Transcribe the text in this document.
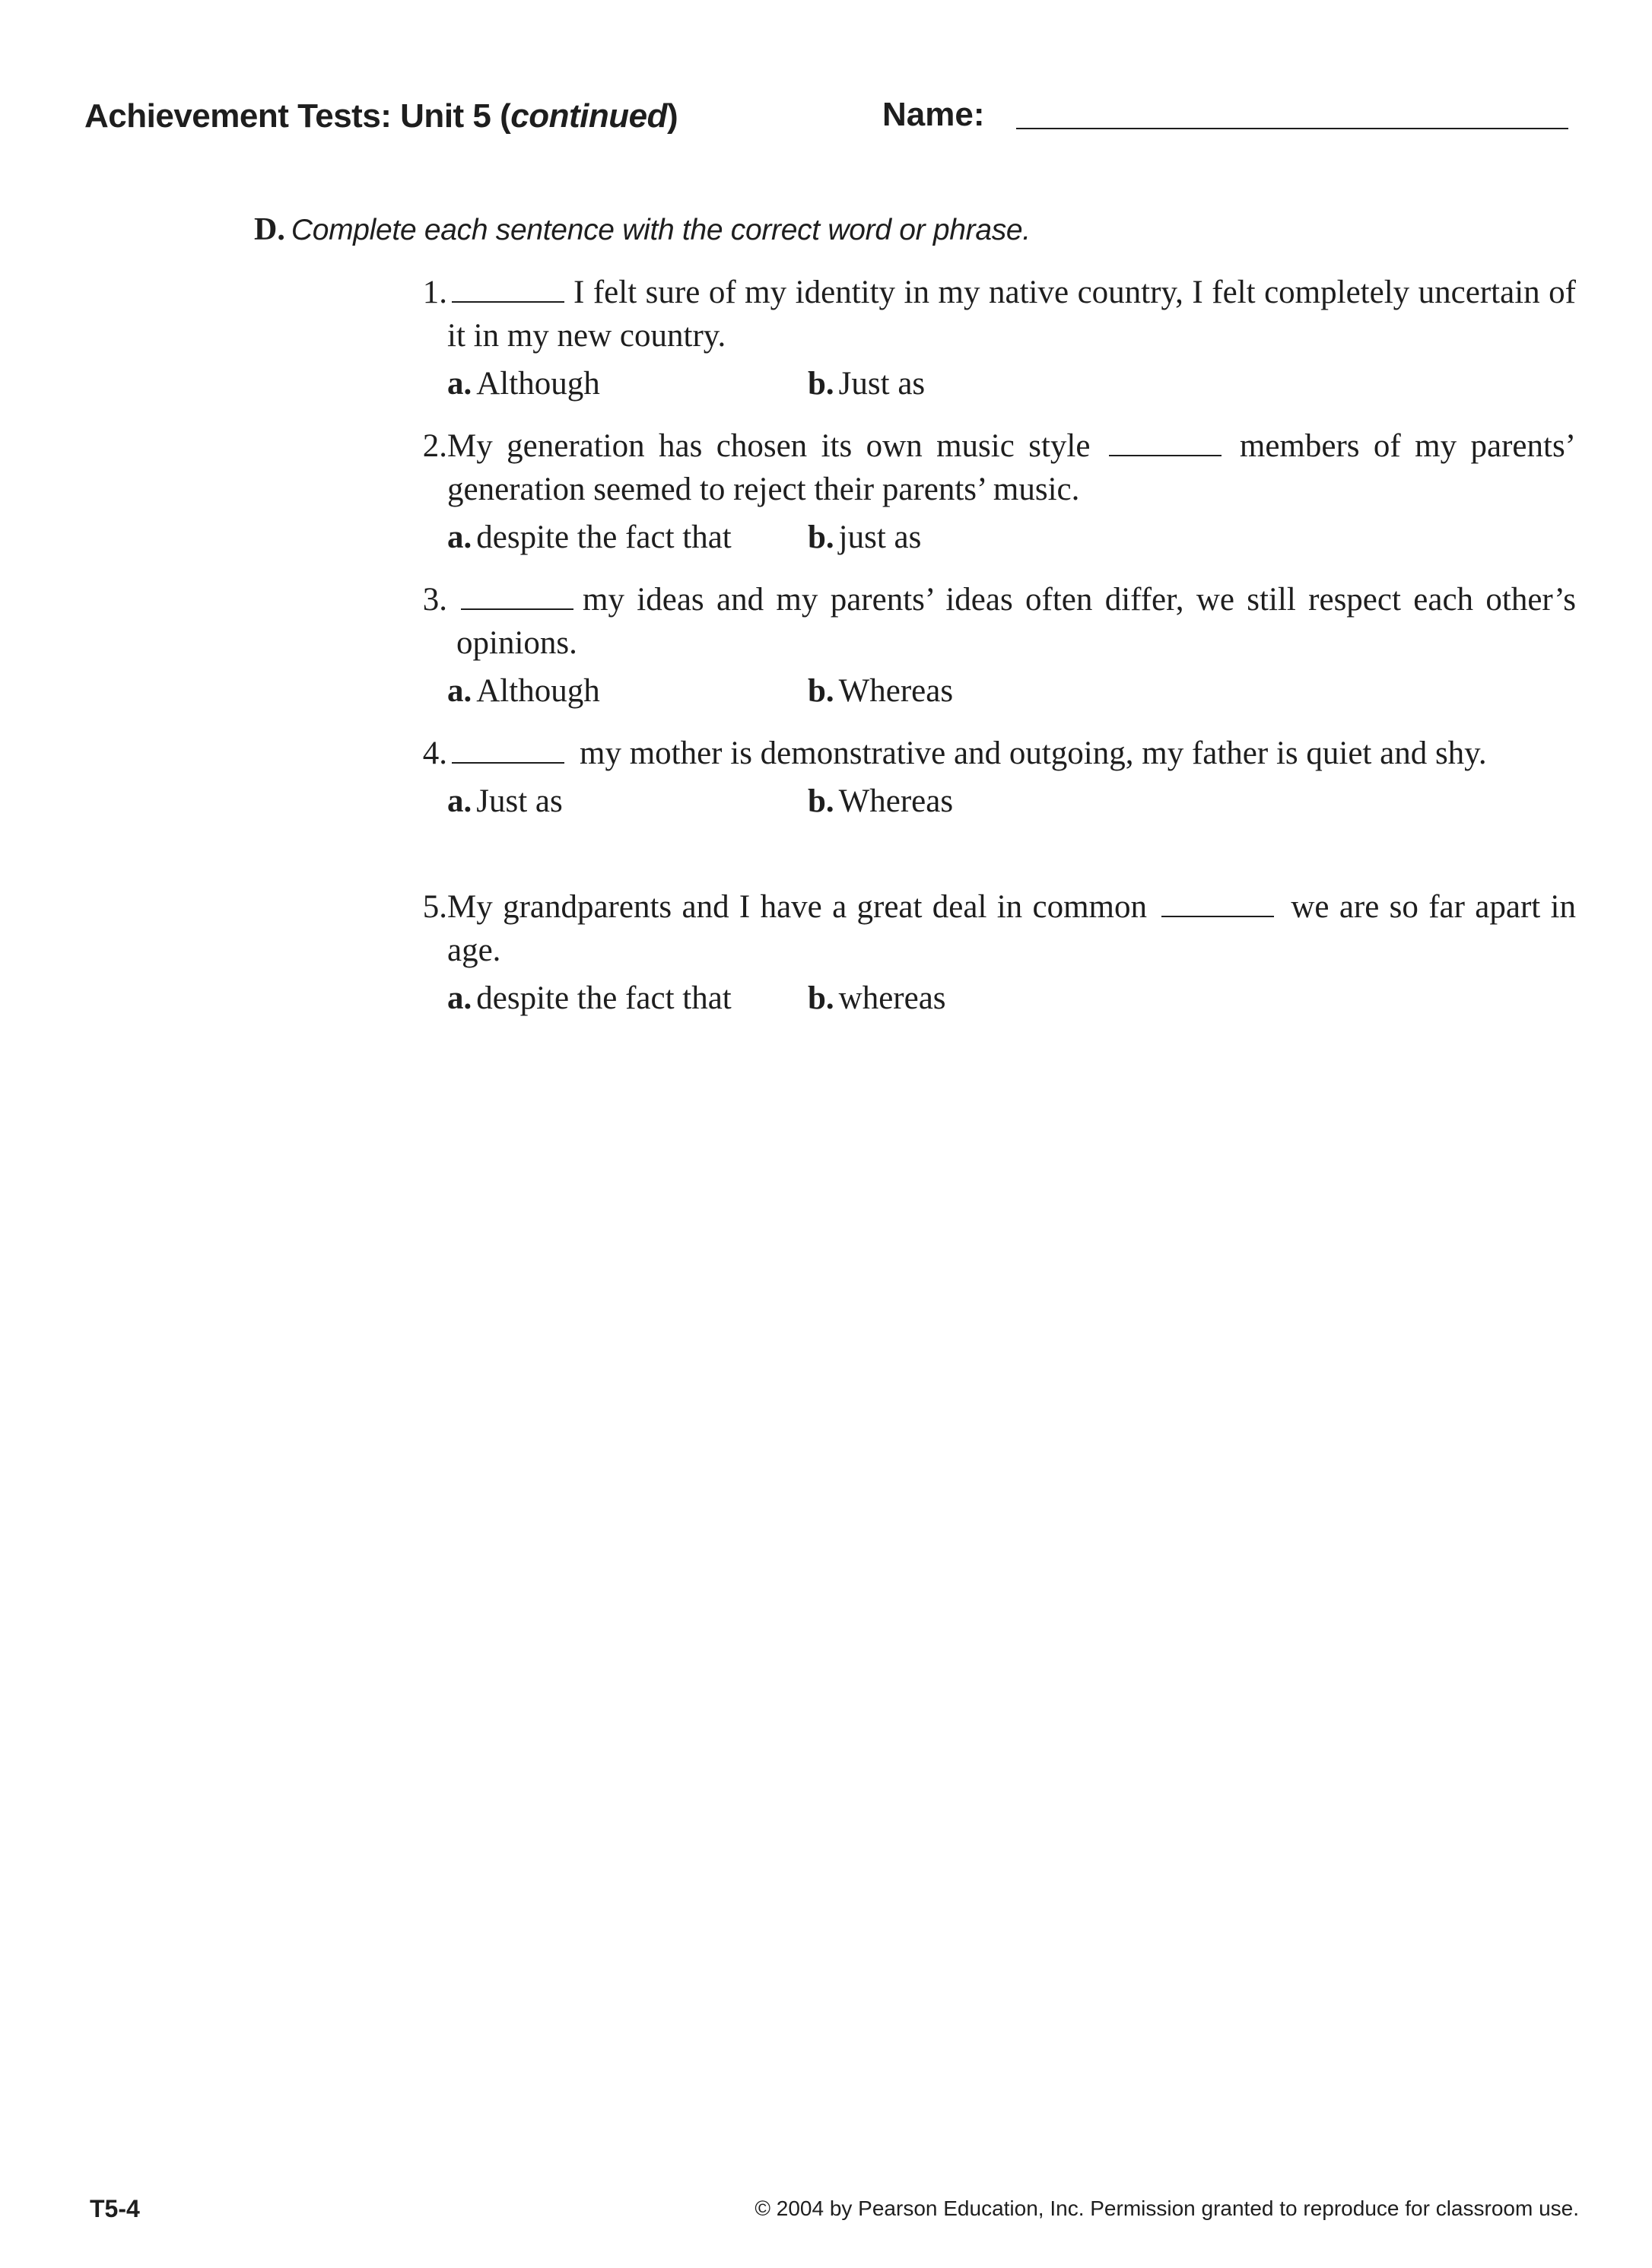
Achievement Tests: Unit 5 (continued)	Name:
D. Complete each sentence with the correct word or phrase.
1.	I felt sure of my identity in my native country, I felt completely uncertain of it in my new country.
a. Although	b. Just as
2. My generation has chosen its own music style	members of my parents’ generation seemed to reject their parents’ music.
a. despite the fact that b. just as
3.	my ideas and my parents’ ideas often differ, we still respect each other’s opinions.
a. Although	b. Whereas
4.	my mother is demonstrative and outgoing, my father is quiet and shy.
a. Just as	b. Whereas
5. My grandparents and I have a great deal in common	we are so far apart in age.
a. despite the fact that b. whereas
T5-4	© 2004 by Pearson Education, Inc. Permission granted to reproduce for classroom use.
